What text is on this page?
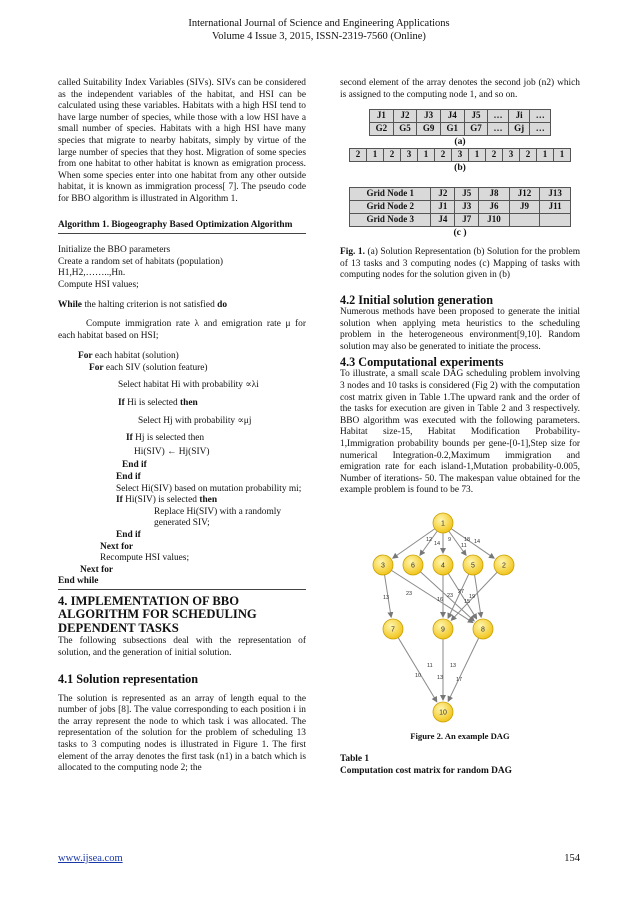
International Journal of Science and Engineering Applications
Volume 4 Issue 3, 2015, ISSN-2319-7560 (Online)

called Suitability Index Variables (SIVs). SIVs can be considered as the independent variables of the habitat, and HSI can be calculated using these variables. Habitats with a high HSI tend to have large number of species, while those with a low HSI have a small number of species. Habitats with a high HSI have many species that migrate to nearby habitats, simply by virtue of the large number of species that they host. Migration of some species from one habitat to other habitat is known as emigration process. When some species enter into one habitat from any other outside habitat, it is known as immigration process[ 7]. The pseudo code for BBO algorithm is illustrated in Algorithm 1.

Algorithm 1. Biogeography Based Optimization Algorithm
Initialize the BBO parameters
Create a random set of habitats (population)
H1,H2,……..,Hn.
Compute HSI values;
While the halting criterion is not satisfied do
Compute immigration rate λ and emigration rate μ for each habitat based on HSI;
For each habitat (solution)
For each SIV (solution feature)
Select habitat Hi with probability ∝λi
If Hi is selected then
Select Hj with probability ∝μj
If Hj is selected then
Hi(SIV) ← Hj(SIV)
End if
End if
Select Hi(SIV) based on mutation probability mi;
If Hi(SIV) is selected then
Replace Hi(SIV) with a randomly generated SIV;
End if
Next for
Recompute HSI values;
Next for
End while
4. IMPLEMENTATION OF BBO ALGORITHM FOR SCHEDULING DEPENDENT TASKS

The following subsections deal with the representation of solution, and the generation of initial solution.

4.1 Solution representation

The solution is represented as an array of length equal to the number of jobs [8]. The value corresponding to each position i in the array represent the node to which task i was allocated. The representation of the solution for the problem of scheduling 13 tasks to 3 computing nodes is illustrated in Figure 1. The first element of the array denotes the first task (n1) in a batch which is allocated to the computing node 2; the

second element of the array denotes the second job (n2) which is assigned to the computing node 1, and so on.

J1	J2	J3	J4	J5	…	Ji	…
G2	G5	G9	G1	G7	…	Gj	…
(a)
2	1	2	3	1	2	3	1	2	3	2	1	1
(b)
Grid Node 1	J2	J5	J8	J12	J13
Grid Node 2	J1	J3	J6	J9	J11
Grid Node 3	J4	J7	J10		
(c )

Fig. 1. (a) Solution Representation (b) Solution for the problem of 13 tasks and 3 computing nodes (c) Mapping of tasks with computing nodes for the solution given in (b)

4.2 Initial solution generation

Numerous methods have been proposed to generate the initial solution when applying meta heuristics to the scheduling problem in the heterogeneous environment[9,10]. Random solution may also be generated to initiate the process.

4.3 Computational experiments

To illustrate, a small scale DAG scheduling problem involving 3 nodes and 10 tasks is considered (Fig 2) with the computation cost matrix given in Table 1.The upward rank and the order of the tasks for execution are given in Table 2 and 3 respectively. BBO algorithm was executed with the following parameters. Habitat size-15, Habitat Modification Probability-1,Immigration probability bounds per gene-[0-1],Step size for numerical Integration-0.2,Maximum immigration and emigration rate for each island-1,Mutation probability-0.005, Number of iterations- 50. The makespan value obtained for the example problem is found to be 73.

18
12
14
9
11
14
13
23
16
27
23	19
15
10	13 17
11	13
1
2
3	4	5
6
7	8
9
10
Figure 2. An example DAG
Table 1
Computation cost matrix for random DAG
www.ijsea.com	154
